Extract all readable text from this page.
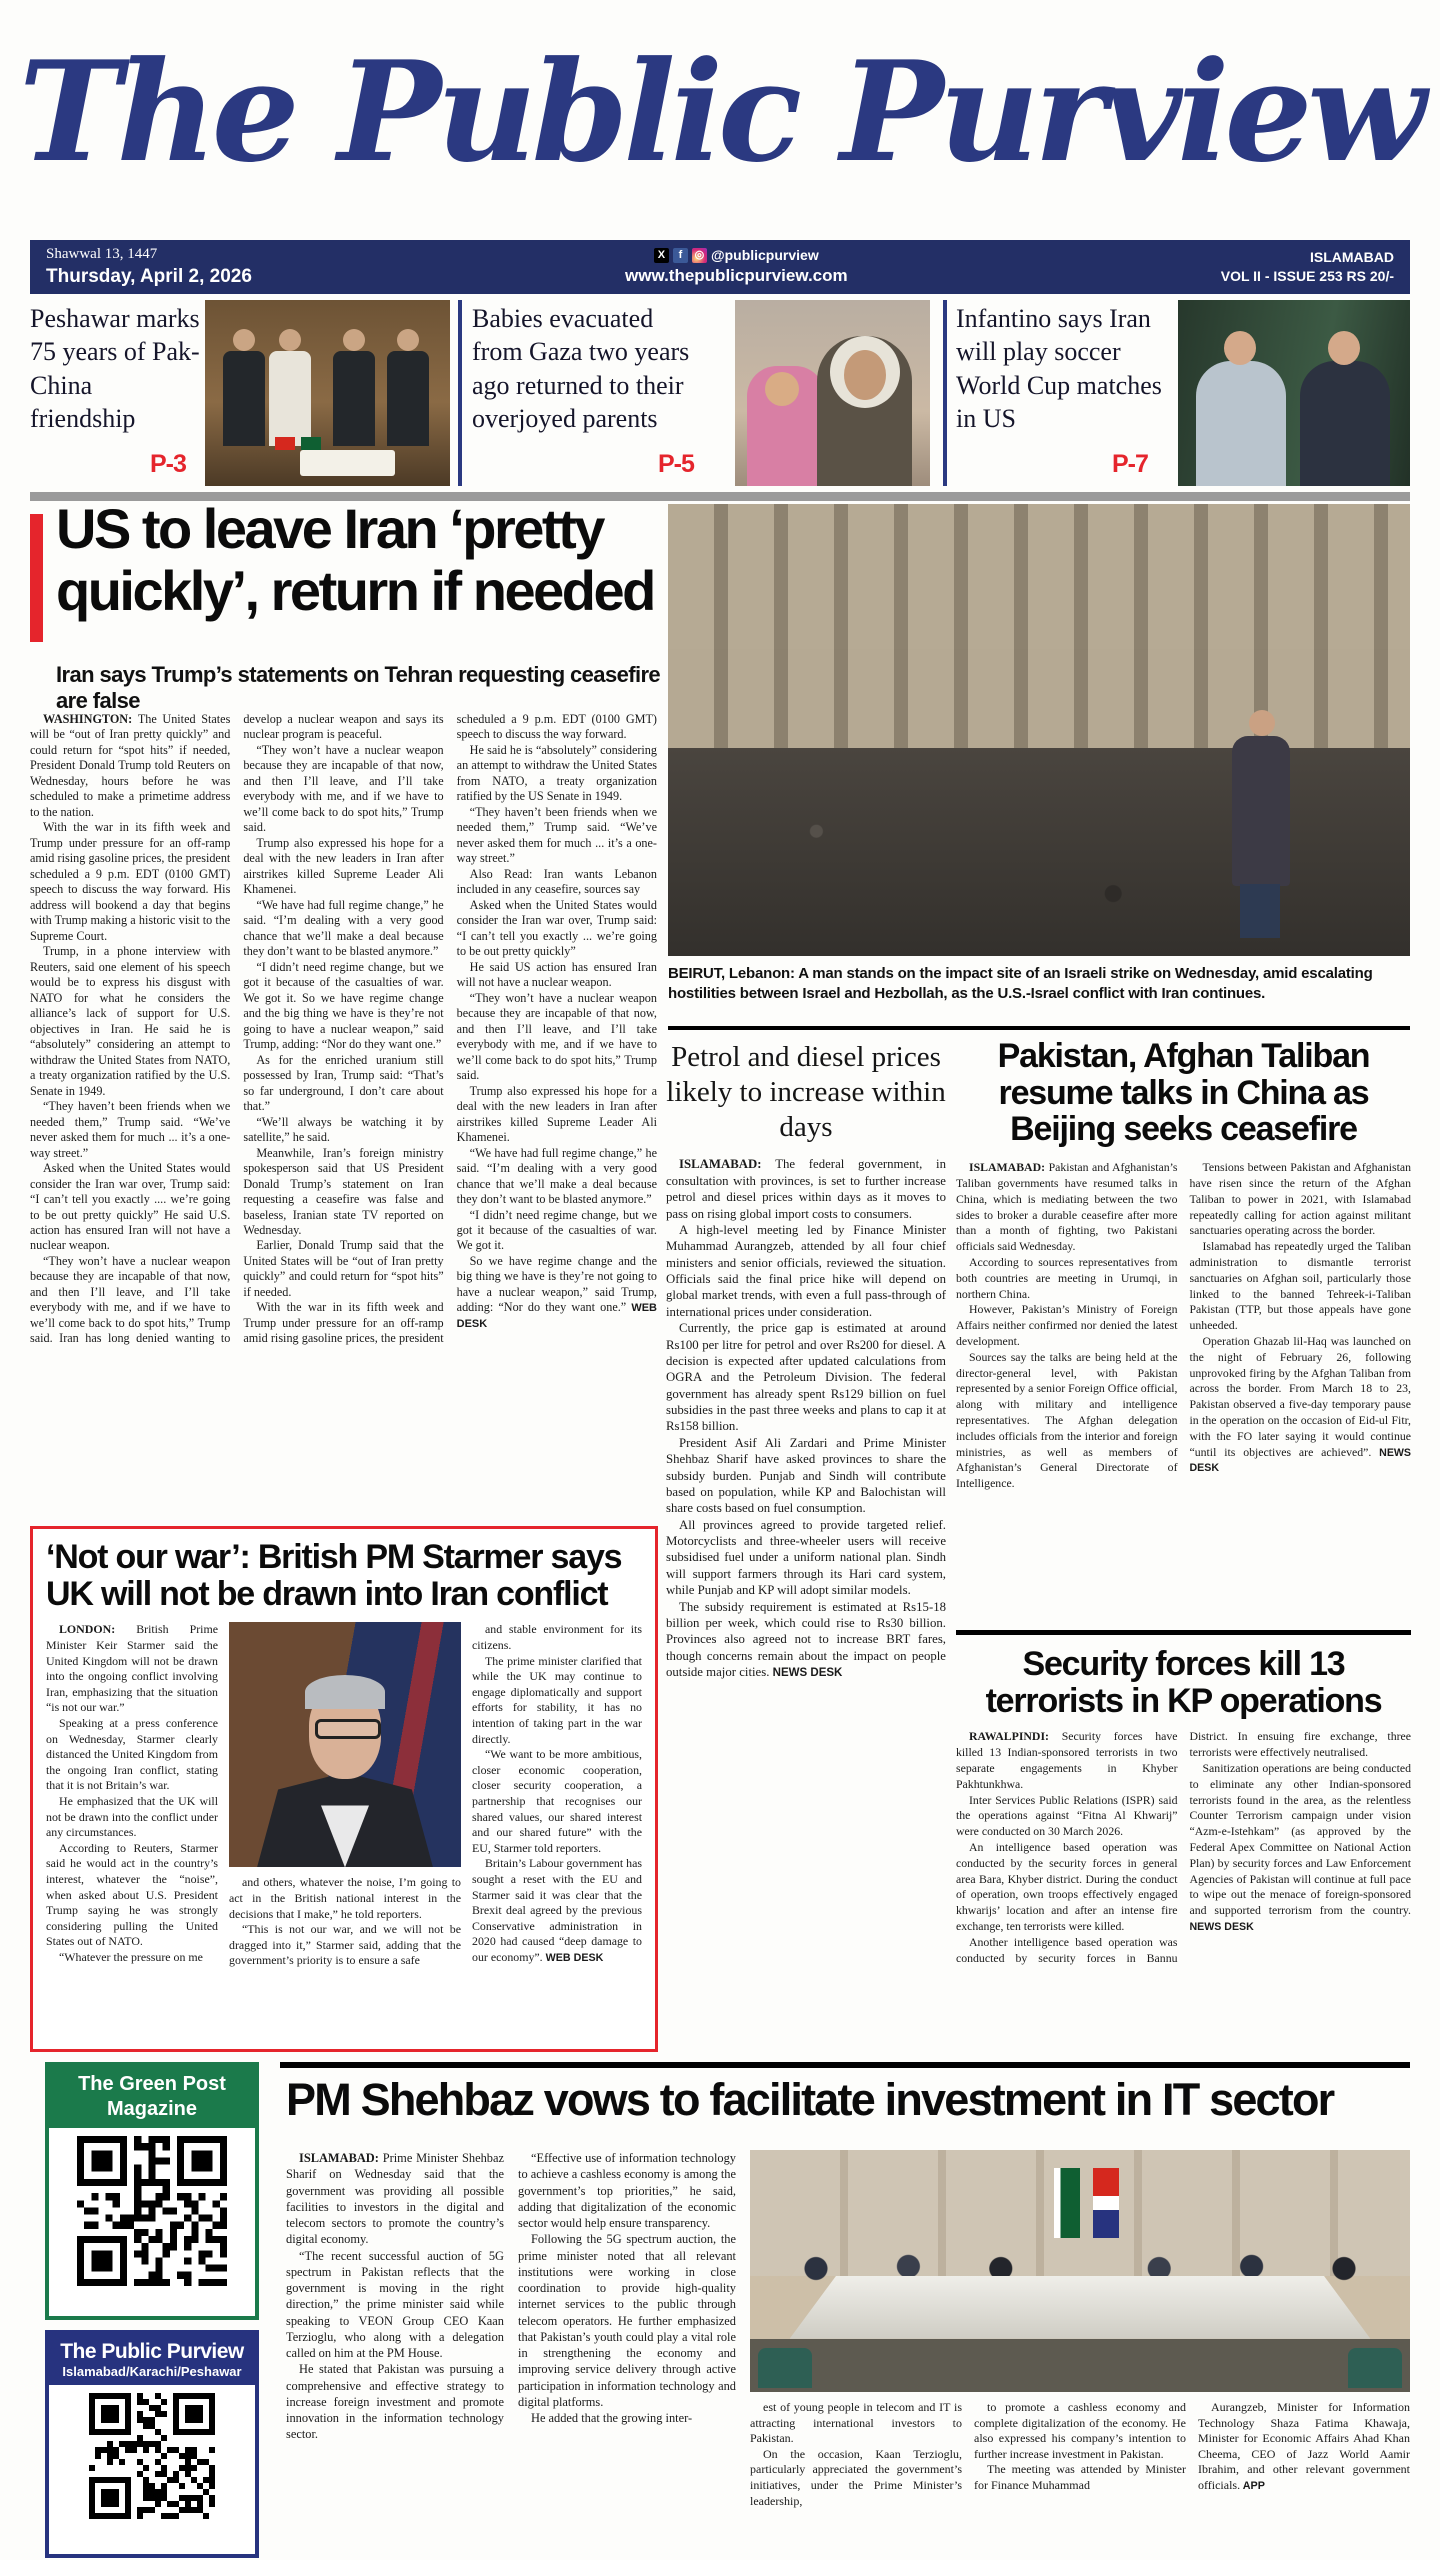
The Public Purview
Shawwal 13, 1447
Thursday, April 2, 2026
X	f	◎ @publicpurview
www.thepublicpurview.com
ISLAMABAD
VOL II - ISSUE 253 RS 20/-
Peshawar marks 75 years of Pak-China friendship
P-3
Babies evacuated from Gaza two years ago returned to their overjoyed parents
P-5
Infantino says Iran will play soccer World Cup matches in US
P-7
US to leave Iran ‘pretty quickly’, return if needed
Iran says Trump’s statements on Tehran requesting ceasefire are false

WASHINGTON: The United States will be “out of Iran pretty quickly” and could return for “spot hits” if needed, President Donald Trump told Reuters on Wednesday, hours before he was scheduled to make a primetime address to the nation.

With the war in its fifth week and Trump under pressure for an off-ramp amid rising gasoline prices, the president scheduled a 9 p.m. EDT (0100 GMT) speech to discuss the way forward. His address will bookend a day that begins with Trump making a historic visit to the Supreme Court.

Trump, in a phone interview with Reuters, said one element of his speech would be to express his disgust with NATO for what he considers the alliance’s lack of support for U.S. objectives in Iran. He said he is “absolutely” considering an attempt to withdraw the United States from NATO, a treaty organization ratified by the U.S. Senate in 1949.

“They haven’t been friends when we needed them,” Trump said. “We’ve never asked them for much ... it’s a one-way street.”

Asked when the United States would consider the Iran war over, Trump said: “I can’t tell you exactly .... we’re going to be out pretty quickly” He said U.S. action has ensured Iran will not have a nuclear weapon.

“They won’t have a nuclear weapon because they are incapable of that now, and then I’ll leave, and I’ll take everybody with me, and if we have to we’ll come back to do spot hits,” Trump said. Iran has long denied wanting to develop a nuclear weapon and says its nuclear program is peaceful.

“They won’t have a nuclear weapon because they are incapable of that now, and then I’ll leave, and I’ll take everybody with me, and if we have to we’ll come back to do spot hits,” Trump said.

Trump also expressed his hope for a deal with the new leaders in Iran after airstrikes killed Supreme Leader Ali Khamenei.

“We have had full regime change,” he said. “I’m dealing with a very good chance that we’ll make a deal because they don’t want to be blasted anymore.”

“I didn’t need regime change, but we got it because of the casualties of war. We got it. So we have regime change and the big thing we have is they’re not going to have a nuclear weapon,” said Trump, adding: “Nor do they want one.”

As for the enriched uranium still possessed by Iran, Trump said: “That’s so far underground, I don’t care about that.”

“We’ll always be watching it by satellite,” he said.

Meanwhile, Iran’s foreign ministry spokesperson said that US President Donald Trump’s statement on Iran requesting a ceasefire was false and baseless, Iranian state TV reported on Wednesday.

Earlier, Donald Trump said that the United States will be “out of Iran pretty quickly” and could return for “spot hits” if needed.

With the war in its fifth week and Trump under pressure for an off-ramp amid rising gasoline prices, the president scheduled a 9 p.m. EDT (0100 GMT) speech to discuss the way forward.

He said he is “absolutely” considering an attempt to withdraw the United States from NATO, a treaty organization ratified by the US Senate in 1949.

“They haven’t been friends when we needed them,” Trump said. “We’ve never asked them for much ... it’s a one-way street.”

Also Read: Iran wants Lebanon included in any ceasefire, sources say

Asked when the United States would consider the Iran war over, Trump said: “I can’t tell you exactly ... we’re going to be out pretty quickly”

He said US action has ensured Iran will not have a nuclear weapon.

“They won’t have a nuclear weapon because they are incapable of that now, and then I’ll leave, and I’ll take everybody with me, and if we have to we’ll come back to do spot hits,” Trump said.

Trump also expressed his hope for a deal with the new leaders in Iran after airstrikes killed Supreme Leader Ali Khamenei.

“We have had full regime change,” he said. “I’m dealing with a very good chance that we’ll make a deal because they don’t want to be blasted anymore.”

“I didn’t need regime change, but we got it because of the casualties of war. We got it.

So we have regime change and the big thing we have is they’re not going to have a nuclear weapon,” said Trump, adding: “Nor do they want one.” WEB DESK

BEIRUT, Lebanon: A man stands on the impact site of an Israeli strike on Wednesday, amid escalating hostilities between Israel and Hezbollah, as the U.S.-Israel conflict with Iran continues.
Petrol and diesel prices likely to increase within days

ISLAMABAD: The federal government, in consultation with provinces, is set to further increase petrol and diesel prices within days as it moves to pass on rising global import costs to consumers.

A high-level meeting led by Finance Minister Muhammad Aurangzeb, attended by all four chief ministers and senior officials, reviewed the situation. Officials said the final price hike will depend on global market trends, with even a full pass-through of international prices under consideration.

Currently, the price gap is estimated at around Rs100 per litre for petrol and over Rs200 for diesel. A decision is expected after updated calculations from OGRA and the Petroleum Division. The federal government has already spent Rs129 billion on fuel subsidies in the past three weeks and plans to cap it at Rs158 billion.

President Asif Ali Zardari and Prime Minister Shehbaz Sharif have asked provinces to share the subsidy burden. Punjab and Sindh will contribute based on population, while KP and Balochistan will share costs based on fuel consumption.

All provinces agreed to provide targeted relief. Motorcyclists and three-wheeler users will receive subsidised fuel under a uniform national plan. Sindh will support farmers through its Hari card system, while Punjab and KP will adopt similar models.

The subsidy requirement is estimated at Rs15-18 billion per week, which could rise to Rs30 billion. Provinces also agreed not to increase BRT fares, though concerns remain about the impact on people outside major cities. NEWS DESK

Pakistan, Afghan Taliban resume talks in China as Beijing seeks ceasefire

ISLAMABAD: Pakistan and Afghanistan’s Taliban governments have resumed talks in China, which is mediating between the two sides to broker a durable ceasefire after more than a month of fighting, two Pakistani officials said Wednesday.

According to sources representatives from both countries are meeting in Urumqi, in northern China.

However, Pakistan’s Ministry of Foreign Affairs neither confirmed nor denied the latest development.

Sources say the talks are being held at the director-general level, with Pakistan represented by a senior Foreign Office official, along with military and intelligence representatives. The Afghan delegation includes officials from the interior and foreign ministries, as well as members of Afghanistan’s General Directorate of Intelligence.

Tensions between Pakistan and Afghanistan have risen since the return of the Afghan Taliban to power in 2021, with Islamabad repeatedly calling for action against militant sanctuaries operating across the border.

Islamabad has repeatedly urged the Taliban administration to dismantle terrorist sanctuaries on Afghan soil, particularly those linked to the banned Tehreek-i-Taliban Pakistan (TTP, but those appeals have gone unheeded.

Operation Ghazab lil-Haq was launched on the night of February 26, following unprovoked firing by the Afghan Taliban from across the border. From March 18 to 23, Pakistan observed a five-day temporary pause in the operation on the occasion of Eid-ul Fitr, with the FO later saying it would continue “until its objectives are achieved”. NEWS DESK

Security forces kill 13 terrorists in KP operations

RAWALPINDI: Security forces have killed 13 Indian-sponsored terrorists in two separate engagements in Khyber Pakhtunkhwa.

Inter Services Public Relations (ISPR) said the operations against “Fitna Al Khwarij” were conducted on 30 March 2026.

An intelligence based operation was conducted by the security forces in general area Bara, Khyber district. During the conduct of operation, own troops effectively engaged khwarijs’ location and after an intense fire exchange, ten terrorists were killed.

Another intelligence based operation was conducted by security forces in Bannu District. In ensuing fire exchange, three terrorists were effectively neutralised.

Sanitization operations are being conducted to eliminate any other Indian-sponsored terrorists found in the area, as the relentless Counter Terrorism campaign under vision “Azm-e-Istehkam” (as approved by the Federal Apex Committee on National Action Plan) by security forces and Law Enforcement Agencies of Pakistan will continue at full pace to wipe out the menace of foreign-sponsored and supported terrorism from the country.NEWS DESK

‘Not our war’: British PM Starmer says UK will not be drawn into Iran conflict

LONDON: British Prime Minister Keir Starmer said the United Kingdom will not be drawn into the ongoing conflict involving Iran, emphasizing that the situation “is not our war.”

Speaking at a press conference on Wednesday, Starmer clearly distanced the United Kingdom from the ongoing Iran conflict, stating that it is not Britain’s war.

He emphasized that the UK will not be drawn into the conflict under any circumstances.

According to Reuters, Starmer said he would act in the country’s interest, whatever the “noise”, when asked about U.S. President Trump saying he was strongly considering pulling the United States out of NATO.

“Whatever the pressure on me

and others, whatever the noise, I’m going to act in the British national interest in the decisions that I make,” he told reporters.

“This is not our war, and we will not be dragged into it,” Starmer said, adding that the government’s priority is to ensure a safe

and stable environment for its citizens.

The prime minister clarified that while the UK may continue to engage diplomatically and support efforts for stability, it has no intention of taking part in the war directly.

“We want to be more ambitious, closer economic cooperation, closer security cooperation, a partnership that recognises our shared values, our shared interest and our shared future” with the EU, Starmer told reporters.

Britain’s Labour government has sought a reset with the EU and Starmer said it was clear that the Brexit deal agreed by the previous Conservative administration in 2020 had caused “deep damage to our economy”. WEB DESK

PM Shehbaz vows to facilitate investment in IT sector

ISLAMABAD: Prime Minister Shehbaz Sharif on Wednesday said that the government was providing all possible facilities to investors in the digital and telecom sectors to promote the country’s digital economy.

“The recent successful auction of 5G spectrum in Pakistan reflects that the government is moving in the right direction,” the prime minister said while speaking to VEON Group CEO Kaan Terzioglu, who along with a delegation called on him at the PM House.

He stated that Pakistan was pursuing a comprehensive and effective strategy to increase foreign investment and promote innovation in the information technology sector.

“Effective use of information technology to achieve a cashless economy is among the government’s top priorities,” he said, adding that digitalization of the economic sector would help ensure transparency.

Following the 5G spectrum auction, the prime minister noted that all relevant institutions were working in close coordination to provide high-quality internet services to the public through telecom operators. He further emphasized that Pakistan’s youth could play a vital role in strengthening the economy and improving service delivery through active participation in information technology and digital platforms.

He added that the growing inter-

est of young people in telecom and IT is attracting international investors to Pakistan.

On the occasion, Kaan Terzioglu, particularly appreciated the government’s initiatives, under the Prime Minister’s leadership,

to promote a cashless economy and complete digitalization of the economy. He also expressed his company’s intention to further increase investment in Pakistan.

The meeting was attended by Minister for Finance Muhammad

Aurangzeb, Minister for Information Technology Shaza Fatima Khawaja, Minister for Economic Affairs Ahad Khan Cheema, CEO of Jazz World Aamir Ibrahim, and other relevant government officials. APP

The Green Post
Magazine
The Public Purview
Islamabad/Karachi/Peshawar
